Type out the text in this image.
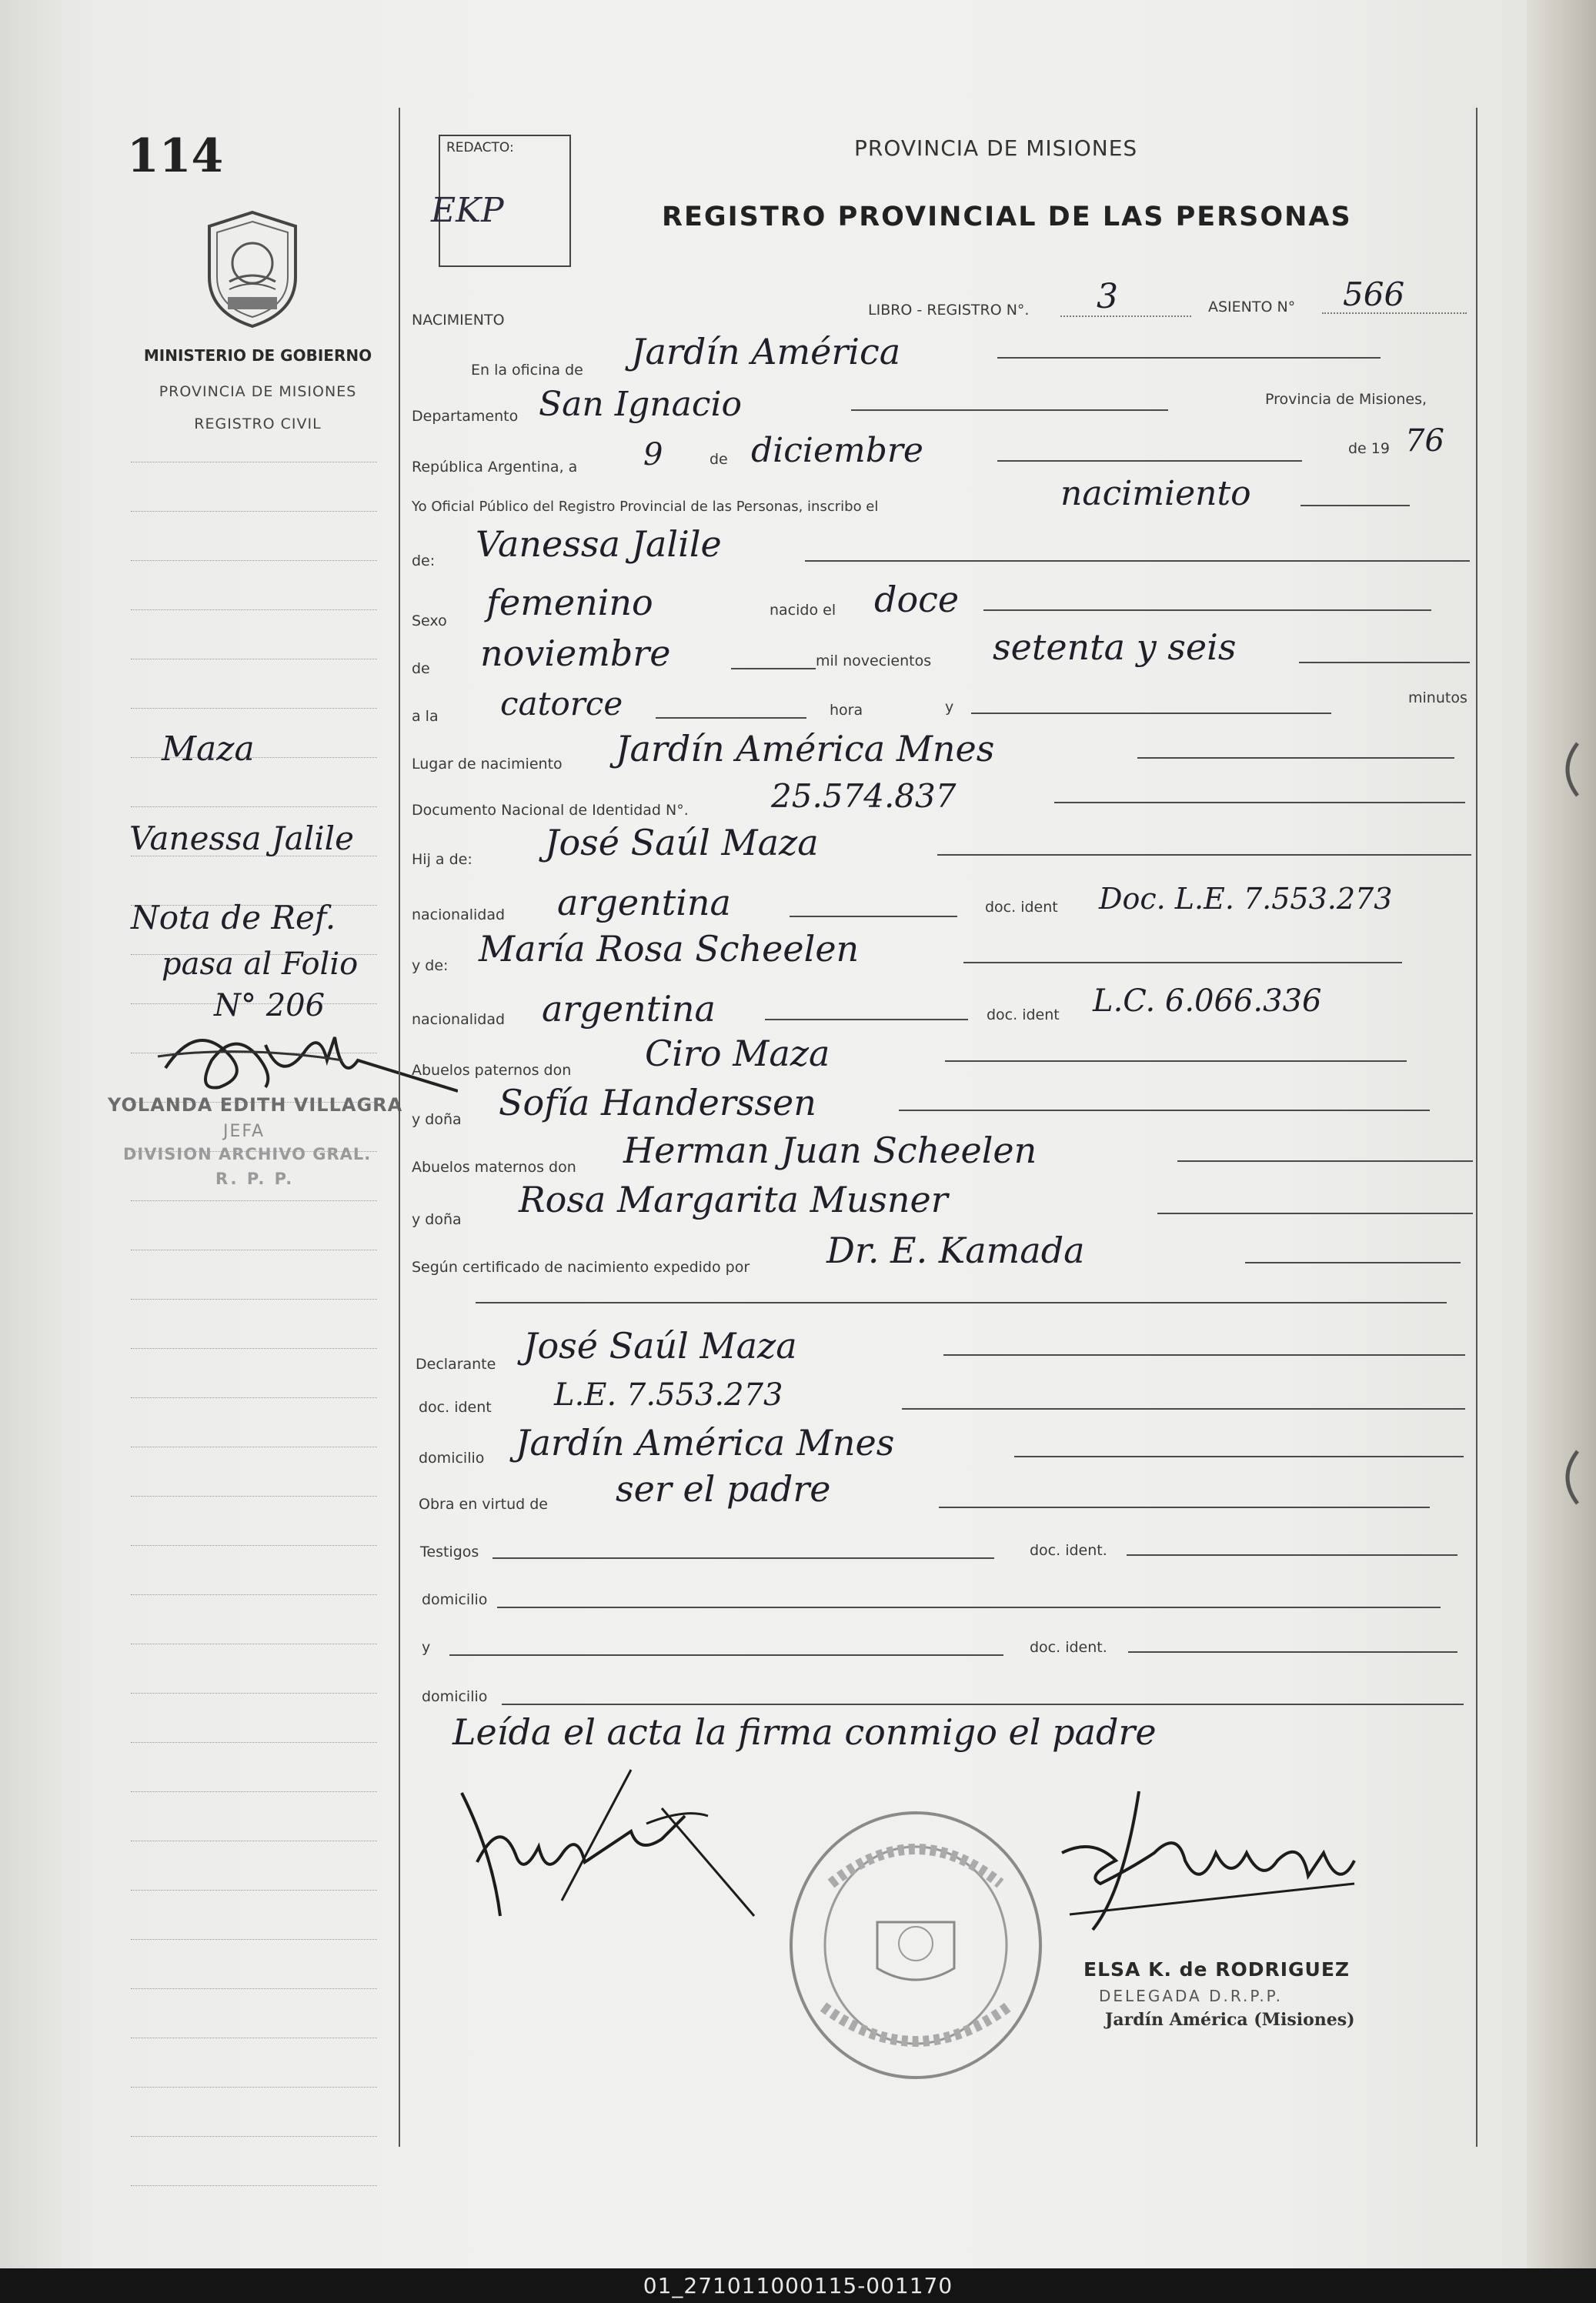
114
MINISTERIO DE GOBIERNO
PROVINCIA DE MISIONES
REGISTRO CIVIL
Maza
Vanessa Jalile
Nota de Ref.
pasa al Folio
N° 206
YOLANDA EDITH VILLAGRA
JEFA
DIVISION ARCHIVO GRAL.
R. P. P.
REDACTO:
EKP
PROVINCIA DE MISIONES
REGISTRO PROVINCIAL DE LAS PERSONAS
NACIMIENTO
LIBRO - REGISTRO N°. 3	ASIENTO N° 566
En la oficina de Jardín América
Departamento San Ignacio	Provincia de Misiones,
República Argentina, a 9	de diciembre	de 19 76
Yo Oficial Público del Registro Provincial de las Personas, inscribo el	nacimiento
de: Vanessa Jalile
Sexo femenino	nacido el doce
de noviembre	mil novecientos setenta y seis
a la catorce	hora	y
minutos
Lugar de nacimiento Jardín América Mnes
Documento Nacional de Identidad N°.	25.574.837
Hij a de: José Saúl Maza
nacionalidad argentina	doc. ident Doc. L.E. 7.553.273
y de: María Rosa Scheelen
nacionalidad argentina	doc. ident L.C. 6.066.336
Abuelos paternos don Ciro Maza
y doña Sofía Handerssen
Abuelos maternos don Herman Juan Scheelen
y doña Rosa Margarita Musner
Según certificado de nacimiento expedido por Dr. E. Kamada
Declarante José Saúl Maza
doc. ident L.E. 7.553.273
domicilio Jardín América Mnes
Obra en virtud de ser el padre
Testigos	doc. ident.
domicilio
y	doc. ident.
domicilio
Leída el acta la firma conmigo el padre
ELSA K. de RODRIGUEZ
DELEGADA D.R.P.P.
Jardín América (Misiones)
01_271011000115-001170
